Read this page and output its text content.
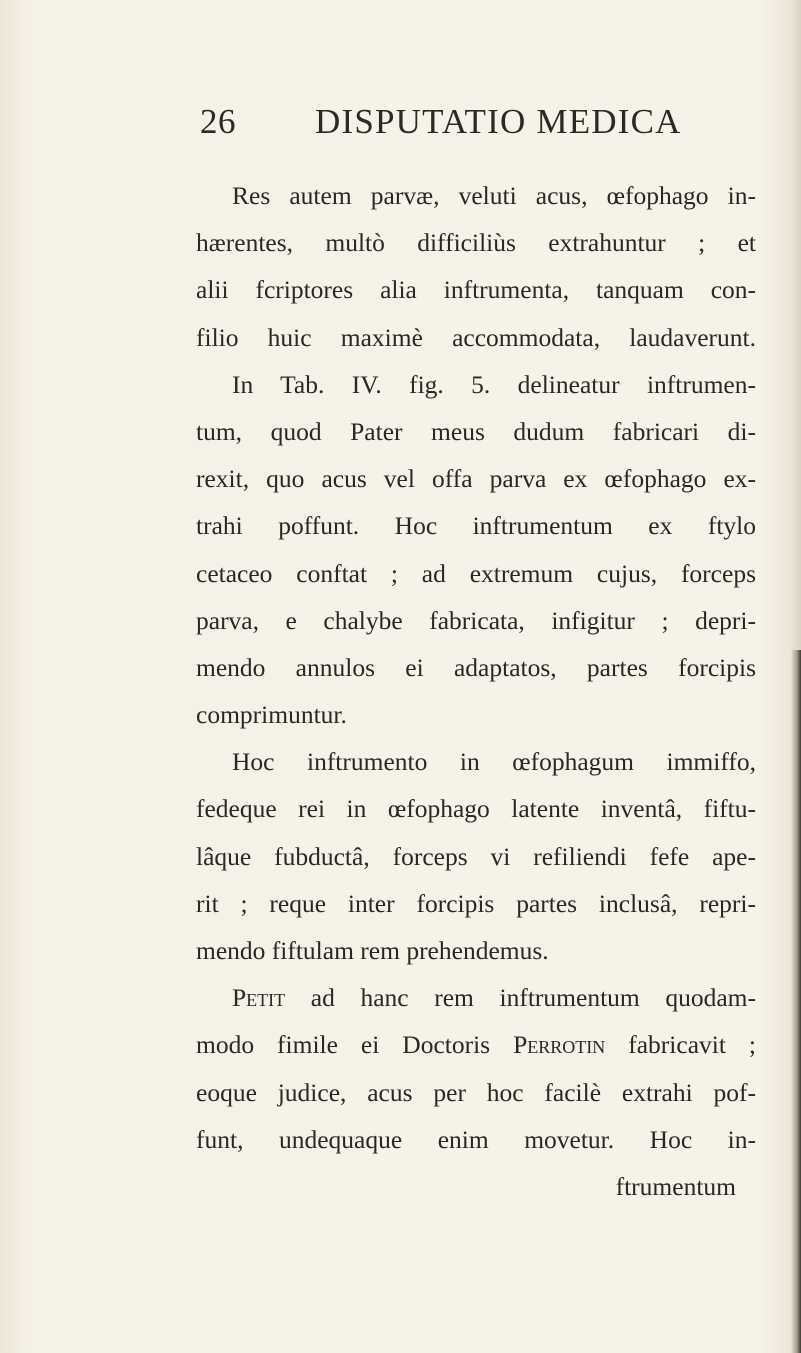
26	DISPUTATIO MEDICA
Res autem parvæ, veluti acus, œfophago in-
hærentes, multò difficiliùs extrahuntur ; et
alii fcriptores alia inftrumenta, tanquam con-
filio huic maximè accommodata, laudaverunt.
In Tab. IV. fig. 5. delineatur inftrumen-
tum, quod Pater meus dudum fabricari di-
rexit, quo acus vel offa parva ex œfophago ex-
trahi poffunt. Hoc inftrumentum ex ftylo
cetaceo conftat ; ad extremum cujus, forceps
parva, e chalybe fabricata, infigitur ; depri-
mendo annulos ei adaptatos, partes forcipis
comprimuntur.
Hoc inftrumento in œfophagum immiffo,
fedeque rei in œfophago latente inventâ, fiftu-
lâque fubductâ, forceps vi refiliendi fefe ape-
rit ; reque inter forcipis partes inclusâ, repri-
mendo fiftulam rem prehendemus.
Petit ad hanc rem inftrumentum quodam-
modo fimile ei Doctoris Perrotin fabricavit ;
eoque judice, acus per hoc facilè extrahi pof-
funt, undequaque enim movetur. Hoc in-
ftrumentum
